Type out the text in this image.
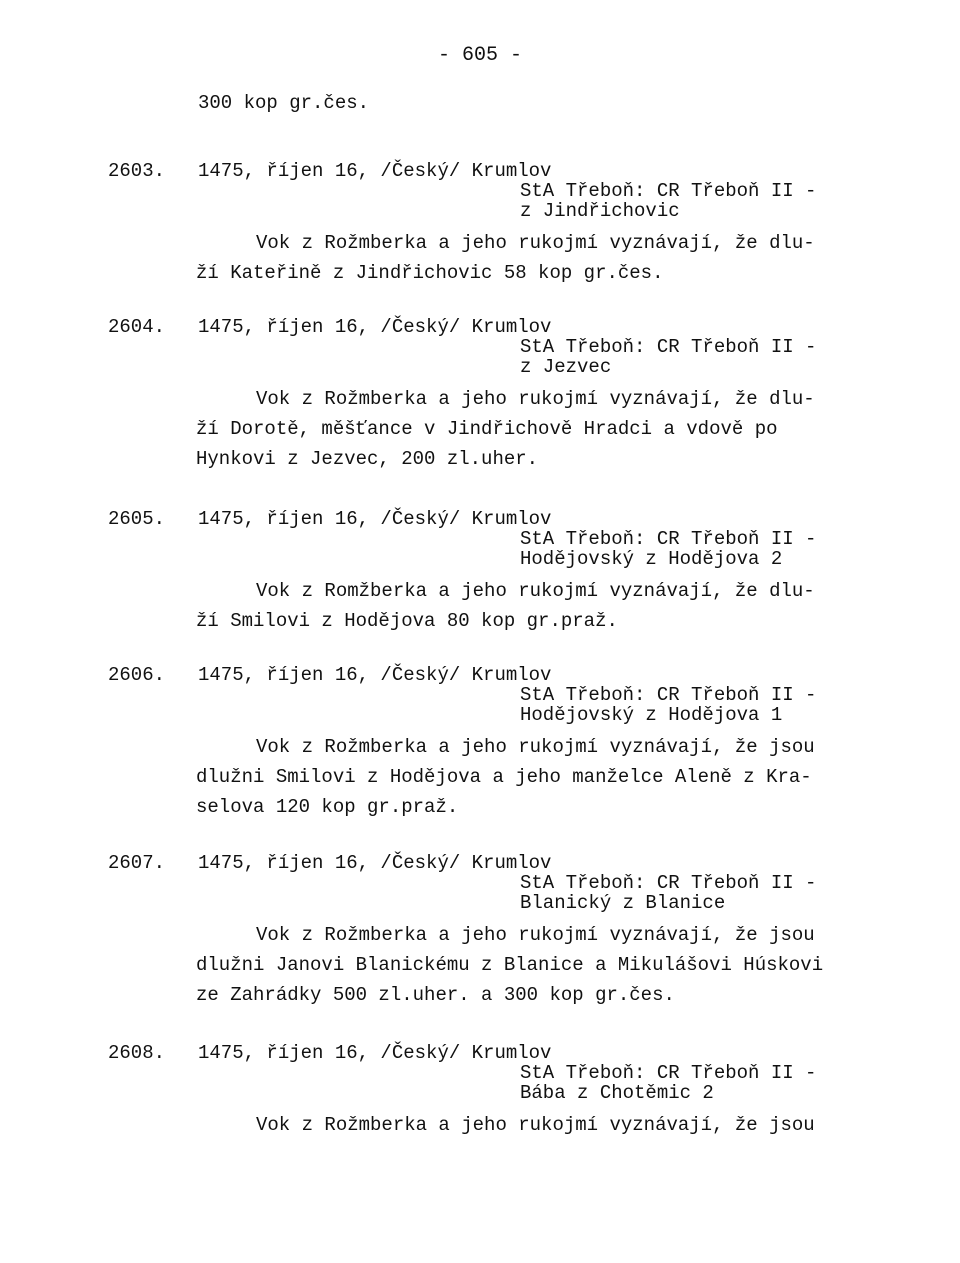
- 605 -
300 kop gr.čes.
2603. 1475, říjen 16, /Český/ Krumlov
StA Třeboň: CR Třeboň II -
z Jindřichovic
Vok z Rožmberka a jeho rukojmí vyznávají, že dlu-
ží Kateřině z Jindřichovic 58 kop gr.čes.
2604. 1475, říjen 16, /Český/ Krumlov
StA Třeboň: CR Třeboň II -
z Jezvec
Vok z Rožmberka a jeho rukojmí vyznávají, že dlu-
ží Dorotě, měšťance v Jindřichově Hradci a vdově po
Hynkovi z Jezvec, 200 zl.uher.
2605. 1475, říjen 16, /Český/ Krumlov
StA Třeboň: CR Třeboň II -
Hodějovský z Hodějova 2
Vok z Romžberka a jeho rukojmí vyznávají, že dlu-
ží Smilovi z Hodějova 80 kop gr.praž.
2606. 1475, říjen 16, /Český/ Krumlov
StA Třeboň: CR Třeboň II -
Hodějovský z Hodějova 1
Vok z Rožmberka a jeho rukojmí vyznávají, že jsou
dlužni Smilovi z Hodějova a jeho manželce Aleně z Kra-
selova 120 kop gr.praž.
2607. 1475, říjen 16, /Český/ Krumlov
StA Třeboň: CR Třeboň II -
Blanický z Blanice
Vok z Rožmberka a jeho rukojmí vyznávají, že jsou
dlužni Janovi Blanickému z Blanice a Mikulášovi Húskovi
ze Zahrádky 500 zl.uher. a 300 kop gr.čes.
2608. 1475, říjen 16, /Český/ Krumlov
StA Třeboň: CR Třeboň II -
Bába z Chotěmic 2
Vok z Rožmberka a jeho rukojmí vyznávají, že jsou
